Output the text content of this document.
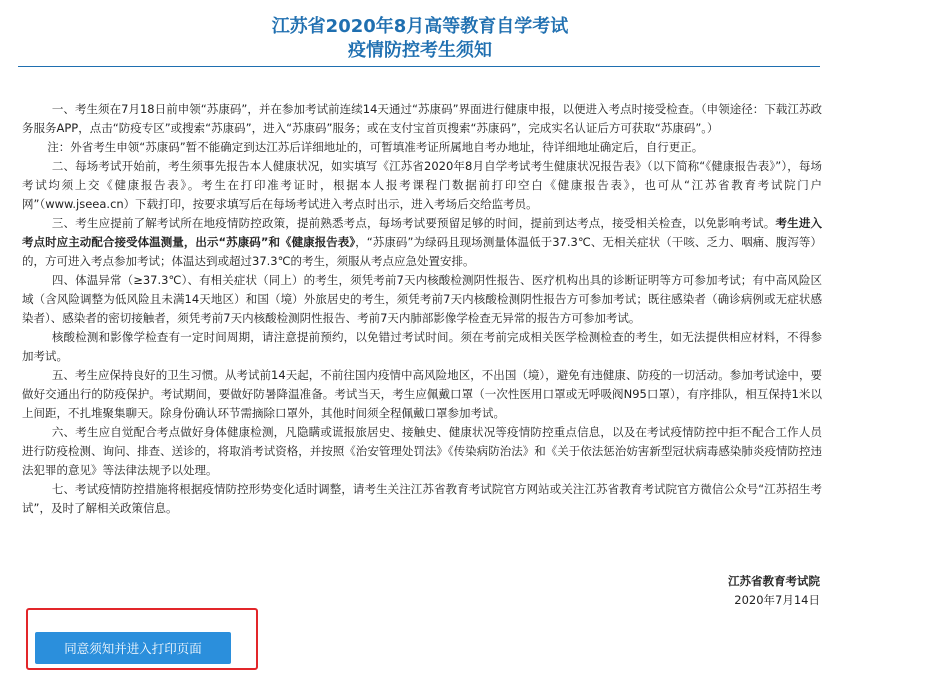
江苏省2020年8月高等教育自学考试
疫情防控考生须知

一、考生须在7月18日前申领“苏康码”，并在参加考试前连续14天通过“苏康码”界面进行健康申报，以便进入考点时接受检查。（申领途径：下载江苏政务服务APP，点击“防疫专区”或搜索“苏康码”，进入“苏康码”服务；或在支付宝首页搜索“苏康码”，完成实名认证后方可获取“苏康码”。）

注：外省考生申领“苏康码”暂不能确定到达江苏后详细地址的，可暂填准考证所属地自考办地址，待详细地址确定后，自行更正。

二、每场考试开始前，考生须事先报告本人健康状况，如实填写《江苏省2020年8月自学考试考生健康状况报告表》（以下简称“《健康报告表》”），每场考试均须上交《健康报告表》。考生在打印准考证时，根据本人报考课程门数据前打印空白《健康报告表》，也可从“江苏省教育考试院门户网”（www.jseea.cn）下载打印，按要求填写后在每场考试进入考点时出示，进入考场后交给监考员。

三、考生应提前了解考试所在地疫情防控政策，提前熟悉考点，每场考试要预留足够的时间，提前到达考点，接受相关检查，以免影响考试。考生进入考点时应主动配合接受体温测量，出示“苏康码”和《健康报告表》，“苏康码”为绿码且现场测量体温低于37.3℃、无相关症状（干咳、乏力、咽痛、腹泻等）的，方可进入考点参加考试；体温达到或超过37.3℃的考生，须服从考点应急处置安排。

四、体温异常（≥37.3℃）、有相关症状（同上）的考生，须凭考前7天内核酸检测阴性报告、医疗机构出具的诊断证明等方可参加考试；有中高风险区域（含风险调整为低风险且未满14天地区）和国（境）外旅居史的考生，须凭考前7天内核酸检测阴性报告方可参加考试；既往感染者（确诊病例或无症状感染者）、感染者的密切接触者，须凭考前7天内核酸检测阴性报告、考前7天内肺部影像学检查无异常的报告方可参加考试。

核酸检测和影像学检查有一定时间周期，请注意提前预约，以免错过考试时间。须在考前完成相关医学检测检查的考生，如无法提供相应材料，不得参加考试。

五、考生应保持良好的卫生习惯。从考试前14天起，不前往国内疫情中高风险地区，不出国（境），避免有违健康、防疫的一切活动。参加考试途中，要做好交通出行的防疫保护。考试期间，要做好防暑降温准备。考试当天，考生应佩戴口罩（一次性医用口罩或无呼吸阀N95口罩），有序排队，相互保持1米以上间距，不扎堆聚集聊天。除身份确认环节需摘除口罩外，其他时间须全程佩戴口罩参加考试。

六、考生应自觉配合考点做好身体健康检测，凡隐瞒或谎报旅居史、接触史、健康状况等疫情防控重点信息，以及在考试疫情防控中拒不配合工作人员进行防疫检测、询问、排查、送诊的，将取消考试资格，并按照《治安管理处罚法》《传染病防治法》和《关于依法惩治妨害新型冠状病毒感染肺炎疫情防控违法犯罪的意见》等法律法规予以处理。

七、考试疫情防控措施将根据疫情防控形势变化适时调整，请考生关注江苏省教育考试院官方网站或关注江苏省教育考试院官方微信公众号“江苏招生考试”，及时了解相关政策信息。

江苏省教育考试院
2020年7月14日
同意须知并进入打印页面
